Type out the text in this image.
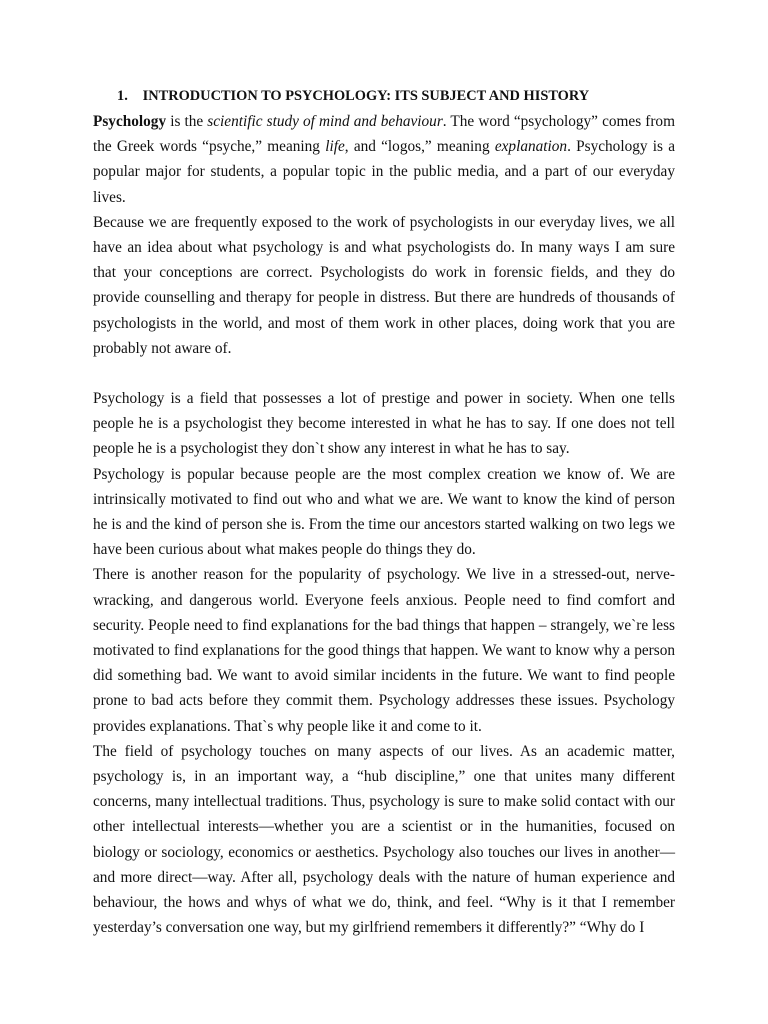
1. INTRODUCTION TO PSYCHOLOGY: ITS SUBJECT AND HISTORY

Psychology is the scientific study of mind and behaviour. The word “psychology” comes from the Greek words “psyche,” meaning life, and “logos,” meaning explanation. Psychology is a popular major for students, a popular topic in the public media, and a part of our everyday lives.

Because we are frequently exposed to the work of psychologists in our everyday lives, we all have an idea about what psychology is and what psychologists do. In many ways I am sure that your conceptions are correct. Psychologists do work in forensic fields, and they do provide counselling and therapy for people in distress. But there are hundreds of thousands of psychologists in the world, and most of them work in other places, doing work that you are probably not aware of.

Psychology is a field that possesses a lot of prestige and power in society. When one tells people he is a psychologist they become interested in what he has to say. If one does not tell people he is a psychologist they don`t show any interest in what he has to say.

Psychology is popular because people are the most complex creation we know of. We are intrinsically motivated to find out who and what we are. We want to know the kind of person he is and the kind of person she is. From the time our ancestors started walking on two legs we have been curious about what makes people do things they do.

There is another reason for the popularity of psychology. We live in a stressed-out, nerve-wracking, and dangerous world. Everyone feels anxious. People need to find comfort and security. People need to find explanations for the bad things that happen – strangely, we`re less motivated to find explanations for the good things that happen. We want to know why a person did something bad. We want to avoid similar incidents in the future. We want to find people prone to bad acts before they commit them. Psychology addresses these issues. Psychology provides explanations. That`s why people like it and come to it.

The field of psychology touches on many aspects of our lives. As an academic matter, psychology is, in an important way, a “hub discipline,” one that unites many different concerns, many intellectual traditions. Thus, psychology is sure to make solid contact with our other intellectual interests—whether you are a scientist or in the humanities, focused on biology or sociology, economics or aesthetics. Psychology also touches our lives in another—and more direct—way. After all, psychology deals with the nature of human experience and behaviour, the hows and whys of what we do, think, and feel. “Why is it that I remember yesterday’s conversation one way, but my girlfriend remembers it differently?” “Why do I
